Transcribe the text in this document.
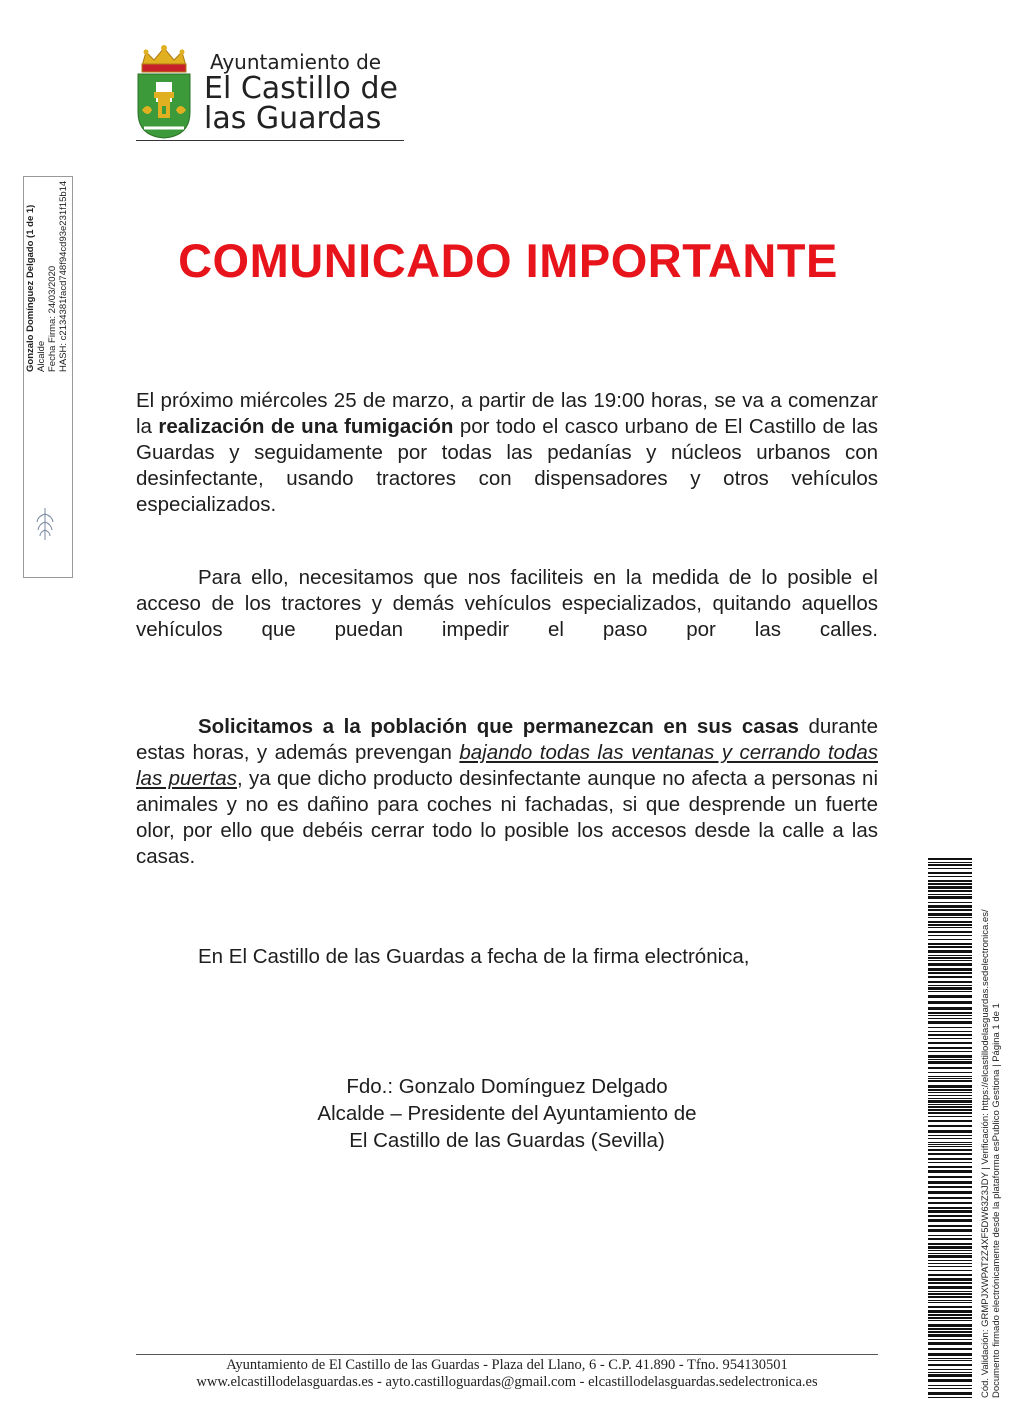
Ayuntamiento de
El Castillo de
las Guardas
Gonzalo Domínguez Delgado (1 de 1) Alcalde Fecha Firma: 24/03/2020 HASH: c2134381facd748f94cd93e231f15b14	COMUNICADO IMPORTANTE
El próximo miércoles 25 de marzo, a partir de las 19:00 horas, se va a comenzar la realización de una fumigación por todo el casco urbano de El Castillo de las Guardas y seguidamente por todas las pedanías y núcleos urbanos con desinfectante, usando tractores con dispensadores y otros vehículos especializados.
Para ello, necesitamos que nos faciliteis en la medida de lo posible el acceso de los tractores y demás vehículos especializados, quitando aquellos vehículos que puedan impedir el paso por las calles.
Solicitamos a la población que permanezcan en sus casas durante estas horas, y además prevengan bajando todas las ventanas y cerrando todas las puertas, ya que dicho producto desinfectante aunque no afecta a personas ni animales y no es dañino para coches ni fachadas, si que desprende un fuerte olor, por ello que debéis cerrar todo lo posible los accesos desde la calle a las casas.
En El Castillo de las Guardas a fecha de la firma electrónica,
Fdo.: Gonzalo Domínguez Delgado
Alcalde – Presidente del Ayuntamiento de
El Castillo de las Guardas (Sevilla)
Ayuntamiento de El Castillo de las Guardas - Plaza del Llano, 6 - C.P. 41.890 - Tfno. 954130501
www.elcastillodelasguardas.es - ayto.castilloguardas@gmail.com - elcastillodelasguardas.sedelectronica.es	Cód. Validación: GRMPJXWPAT2Z4XF5DW63Z3JDY | Verificación: https://elcastillodelasguardas.sedelectronica.es/ Documento firmado electrónicamente desde la plataforma esPublico Gestiona | Página 1 de 1
